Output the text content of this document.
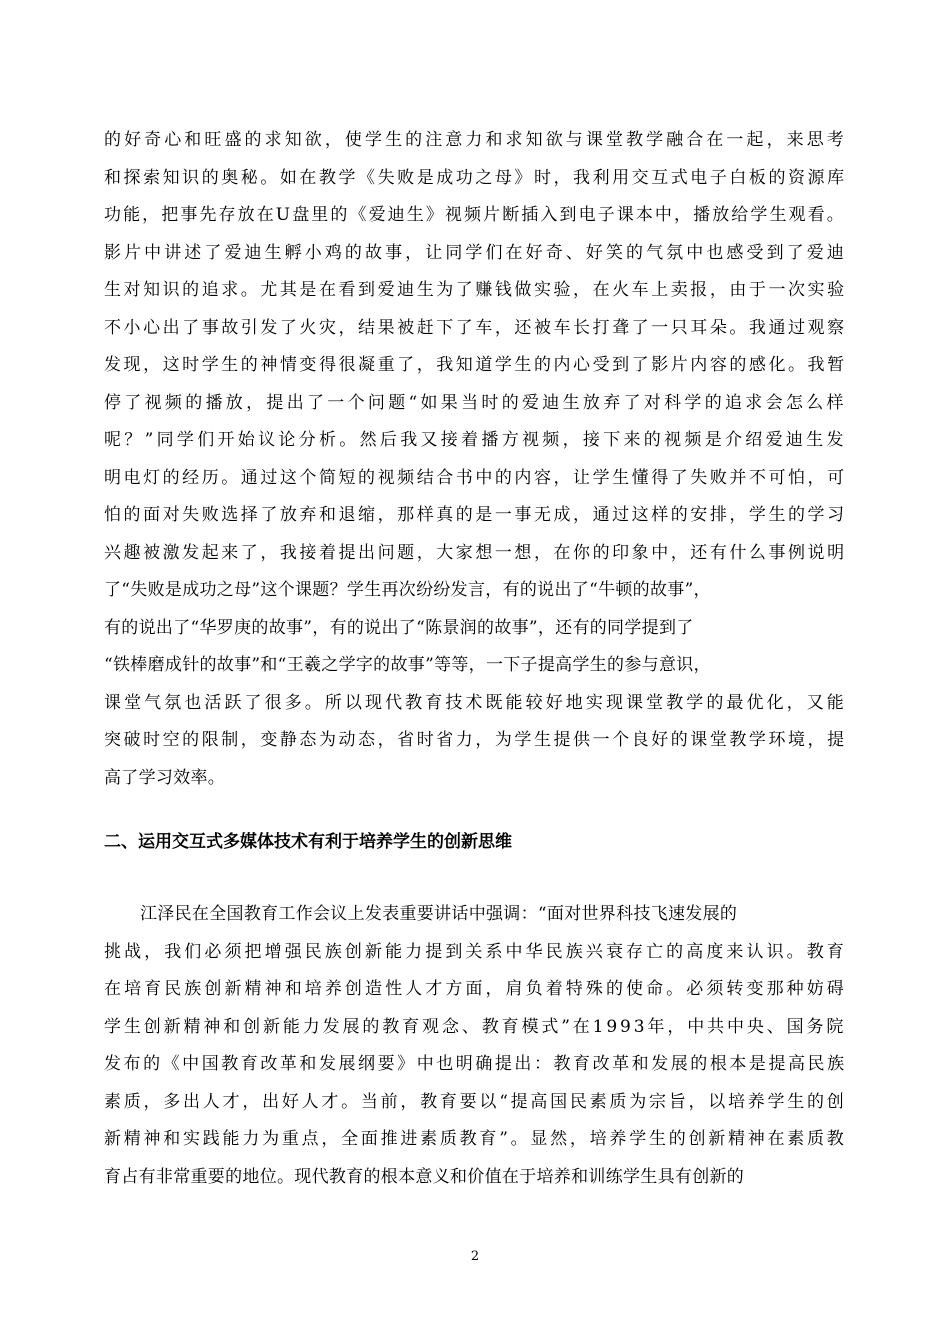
的好奇心和旺盛的求知欲，使学生的注意力和求知欲与课堂教学融合在一起，来思考
和探索知识的奥秘。如在教学《失败是成功之母》时，我利用交互式电子白板的资源库
功能，把事先存放在U盘里的《爱迪生》视频片断插入到电子课本中，播放给学生观看。
影片中讲述了爱迪生孵小鸡的故事，让同学们在好奇、好笑的气氛中也感受到了爱迪
生对知识的追求。尤其是在看到爱迪生为了赚钱做实验，在火车上卖报，由于一次实验
不小心出了事故引发了火灾，结果被赶下了车，还被车长打聋了一只耳朵。我通过观察
发现，这时学生的神情变得很凝重了，我知道学生的内心受到了影片内容的感化。我暂
停了视频的播放，提出了一个问题“如果当时的爱迪生放弃了对科学的追求会怎么样
呢？”同学们开始议论分析。然后我又接着播方视频，接下来的视频是介绍爱迪生发
明电灯的经历。通过这个简短的视频结合书中的内容，让学生懂得了失败并不可怕，可
怕的面对失败选择了放弃和退缩，那样真的是一事无成，通过这样的安排，学生的学习
兴趣被激发起来了，我接着提出问题，大家想一想，在你的印象中，还有什么事例说明
了“失败是成功之母”这个课题？学生再次纷纷发言，有的说出了“牛顿的故事”，
有的说出了“华罗庚的故事”，有的说出了“陈景润的故事”，还有的同学提到了
“铁棒磨成针的故事”和“王羲之学字的故事”等等，一下子提高学生的参与意识，
课堂气氛也活跃了很多。所以现代教育技术既能较好地实现课堂教学的最优化，又能
突破时空的限制，变静态为动态，省时省力，为学生提供一个良好的课堂教学环境，提
高了学习效率。
二、运用交互式多媒体技术有利于培养学生的创新思维
江泽民在全国教育工作会议上发表重要讲话中强调：“面对世界科技飞速发展的
挑战，我们必须把增强民族创新能力提到关系中华民族兴衰存亡的高度来认识。教育
在培育民族创新精神和培养创造性人才方面，肩负着特殊的使命。必须转变那种妨碍
学生创新精神和创新能力发展的教育观念、教育模式”在1993年，中共中央、国务院
发布的《中国教育改革和发展纲要》中也明确提出：教育改革和发展的根本是提高民族
素质，多出人才，出好人才。当前，教育要以“提高国民素质为宗旨，以培养学生的创
新精神和实践能力为重点，全面推进素质教育”。显然，培养学生的创新精神在素质教
育占有非常重要的地位。现代教育的根本意义和价值在于培养和训练学生具有创新的
2
